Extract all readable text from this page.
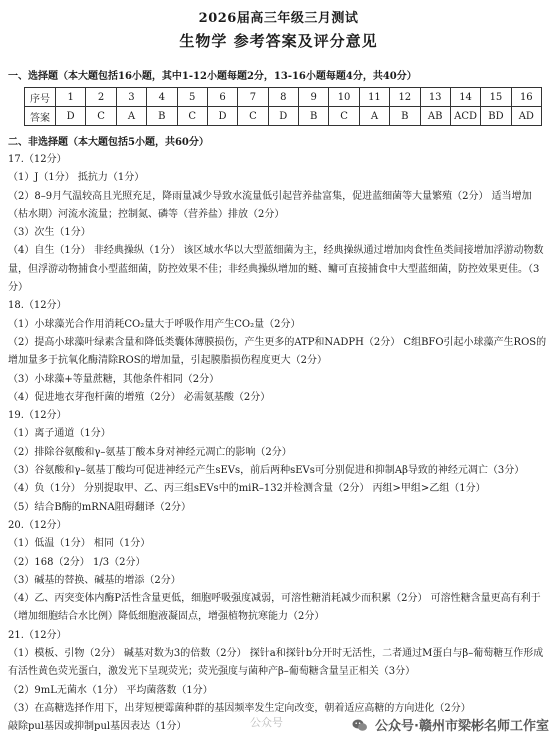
2026届高三年级三月测试
生物学 参考答案及评分意见
一、选择题（本大题包括16小题，其中1-12小题每题2分，13-16小题每题4分，共40分）
序号	1	2	3	4	5	6	7	8	9	10	11	12	13	14	15	16
答案	D	C	A	B	C	D	C	D	B	C	A	B	AB	ACD	BD	AD
二、非选择题（本大题包括5小题，共60分）
17.（12分）
（1）J（1分） 抵抗力（1分）
（2）8–9月气温较高且光照充足，降雨量减少导致水流量低引起营养盐富集，促进蓝细菌等大量繁殖（2分） 适当增加（枯水期）河流水流量；控制氮、磷等（营养盐）排放（2分）
（3）次生（1分）
（4）自生（1分） 非经典操纵（1分） 该区域水华以大型蓝细菌为主，经典操纵通过增加肉食性鱼类间接增加浮游动物数量，但浮游动物捕食小型蓝细菌，防控效果不佳；非经典操纵增加的鲢、鳙可直接捕食中大型蓝细菌，防控效果更佳。（3分）
18.（12分）
（1）小球藻光合作用消耗CO₂量大于呼吸作用产生CO₂量（2分）
（2）提高小球藻叶绿素含量和降低类囊体薄膜损伤，产生更多的ATP和NADPH（2分） C组BFO引起小球藻产生ROS的增加量多于抗氧化酶清除ROS的增加量，引起膜脂损伤程度更大（2分）
（3）小球藻+等量蔗糖，其他条件相同（2分）
（4）促进地衣芽孢杆菌的增殖（2分） 必需氨基酸（2分）
19.（12分）
（1）离子通道（1分）
（2）排除谷氨酸和γ–氨基丁酸本身对神经元凋亡的影响（2分）
（3）谷氨酸和γ–氨基丁酸均可促进神经元产生sEVs，前后两种sEVs可分别促进和抑制Aβ导致的神经元凋亡（3分）
（4）负（1分） 分别提取甲、乙、丙三组sEVs中的miR–132并检测含量（2分） 丙组>甲组>乙组（1分）
（5）结合B酶的mRNA阻碍翻译（2分）
20.（12分）
（1）低温（1分） 相同（1分）
（2）168（2分） 1/3（2分）
（3）碱基的替换、碱基的增添（2分）
（4）乙、丙突变体内酶P活性含量更低，细胞呼吸强度减弱，可溶性糖消耗减少而积累（2分） 可溶性糖含量更高有利于（增加细胞结合水比例）降低细胞液凝固点，增强植物抗寒能力（2分）
21.（12分）
（1）模板、引物（2分） 碱基对数为3的倍数（2分） 探针a和探针b分开时无活性，二者通过M蛋白与β–葡萄糖互作形成有活性黄色荧光蛋白，激发光下呈现荧光；荧光强度与菌种产β–葡萄糖含量呈正相关（3分）
（2）9mL无菌水（1分） 平均菌落数（1分）
（3）在高糖选择作用下，出芽短梗霉菌种群的基因频率发生定向改变，朝着适应高糖的方向进化（2分）
敲除pul基因或抑制pul基因表达（1分）	公众号	公众号·赣州市梁彬名师工作室
